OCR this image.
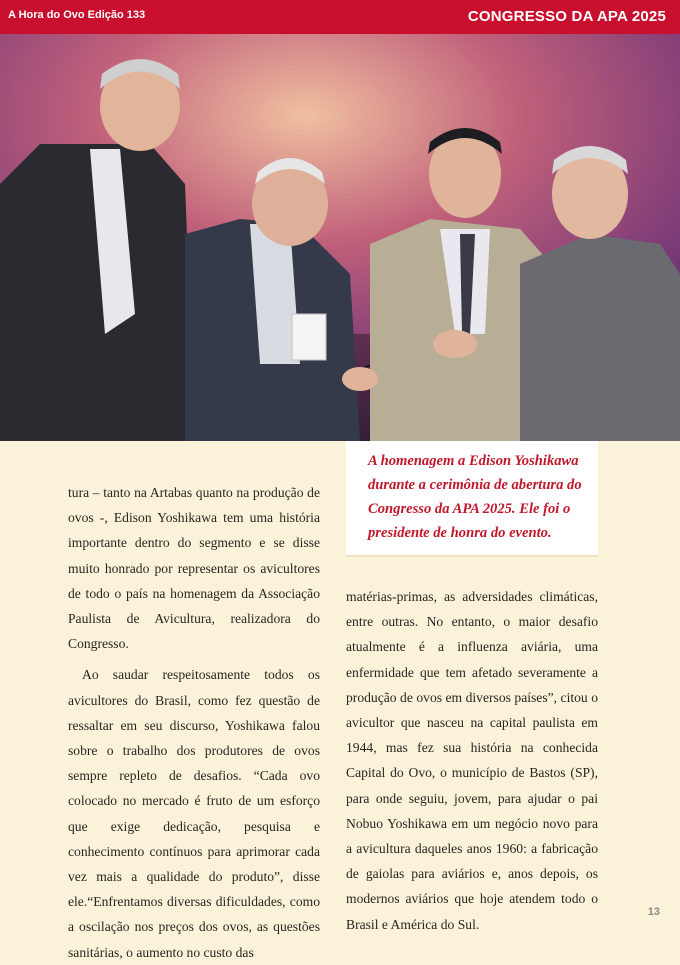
A Hora do Ovo Edição 133	CONGRESSO DA APA 2025
A homenagem a Edison Yoshikawa durante a cerimônia de abertura do Congresso da APA 2025. Ele foi o presidente de honra do evento.

tura – tanto na Artabas quanto na produção de ovos -, Edison Yoshikawa tem uma história importante dentro do segmento e se disse muito honrado por representar os avicultores de todo o país na homenagem da Associação Paulista de Avicultura, realizadora do Congresso.

Ao saudar respeitosamente todos os avicultores do Brasil, como fez questão de ressaltar em seu discurso, Yoshikawa falou sobre o trabalho dos produtores de ovos sempre repleto de desafios. “Cada ovo colocado no mercado é fruto de um esforço que exige dedicação, pesquisa e conhecimento contínuos para aprimorar cada vez mais a qualidade do produto”, disse ele.“Enfrentamos diversas dificuldades, como a oscilação nos preços dos ovos, as questões sanitárias, o aumento no custo das

matérias-primas, as adversidades climáticas, entre outras. No entanto, o maior desafio atualmente é a influenza aviária, uma enfermidade que tem afetado severamente a produção de ovos em diversos países”, citou o avicultor que nasceu na capital paulista em 1944, mas fez sua história na conhecida Capital do Ovo, o município de Bastos (SP), para onde seguiu, jovem, para ajudar o pai Nobuo Yoshikawa em um negócio novo para a avicultura daqueles anos 1960: a fabricação de gaiolas para aviários e, anos depois, os modernos aviários que hoje atendem todo o Brasil e América do Sul.

13
